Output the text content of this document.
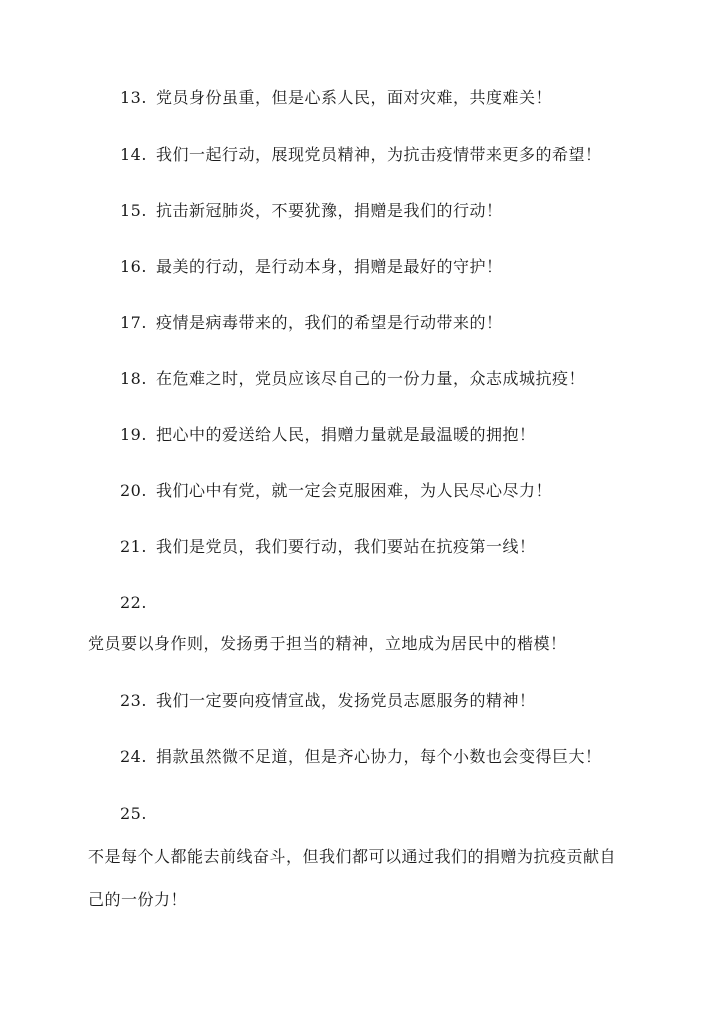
13. 党员身份虽重，但是心系人民，面对灾难，共度难关！
14. 我们一起行动，展现党员精神，为抗击疫情带来更多的希望！
15. 抗击新冠肺炎，不要犹豫，捐赠是我们的行动！
16. 最美的行动，是行动本身，捐赠是最好的守护！
17. 疫情是病毒带来的，我们的希望是行动带来的！
18. 在危难之时，党员应该尽自己的一份力量，众志成城抗疫！
19. 把心中的爱送给人民，捐赠力量就是最温暖的拥抱！
20. 我们心中有党，就一定会克服困难，为人民尽心尽力！
21. 我们是党员，我们要行动，我们要站在抗疫第一线！
22.
党员要以身作则，发扬勇于担当的精神，立地成为居民中的楷模！
23. 我们一定要向疫情宣战，发扬党员志愿服务的精神！
24. 捐款虽然微不足道，但是齐心协力，每个小数也会变得巨大！
25.
不是每个人都能去前线奋斗，但我们都可以通过我们的捐赠为抗疫贡献自
己的一份力！
